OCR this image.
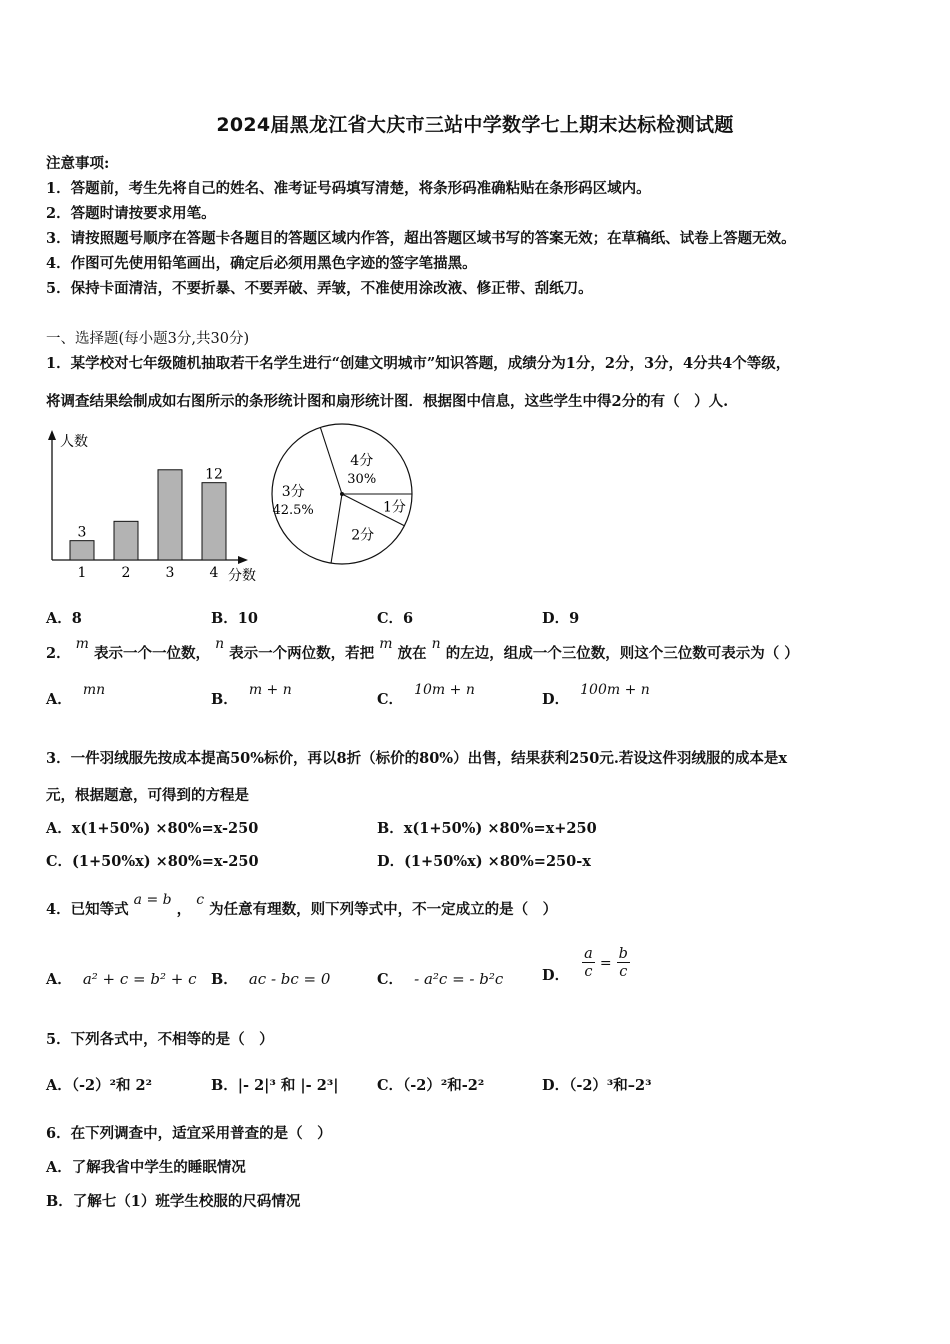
2024届黑龙江省大庆市三站中学数学七上期末达标检测试题
注意事项:
1．答题前，考生先将自己的姓名、准考证号码填写清楚，将条形码准确粘贴在条形码区域内。
2．答题时请按要求用笔。
3．请按照题号顺序在答题卡各题目的答题区域内作答，超出答题区域书写的答案无效；在草稿纸、试卷上答题无效。
4．作图可先使用铅笔画出，确定后必须用黑色字迹的签字笔描黑。
5．保持卡面清洁，不要折暴、不要弄破、弄皱，不准使用涂改液、修正带、刮纸刀。
一、选择题(每小题3分,共30分)
1．某学校对七年级随机抽取若干名学生进行“创建文明城市”知识答题，成绩分为1分，2分，3分，4分共4个等级，
将调查结果绘制成如右图所示的条形统计图和扇形统计图．根据图中信息，这些学生中得2分的有（　）人.
人数
分数
1
3
2	3	4
12
4分
30%
3分
42.5%
2分
1分
A．8	B．10	C．6	D．9
2． m 表示一个一位数， n 表示一个两位数，若把 m 放在 n 的左边，组成一个三位数，则这个三位数可表示为（ ）
A． mn
B． m + n
C． 10m + n
D． 100m + n
3．一件羽绒服先按成本提高50%标价，再以8折（标价的80%）出售，结果获利250元.若设这件羽绒服的成本是x
元，根据题意，可得到的方程是
A．x(1+50%) ×80%=x-250	B．x(1+50%) ×80%=x+250
C．(1+50%x) ×80%=x-250	D．(1+50%x) ×80%=250-x
4．已知等式 a = b ， c 为任意有理数，则下列等式中，不一定成立的是（　）
A． a² + c = b² + c B． ac - bc = 0	C． - a²c = - b²c	D． $\frac{a}{c} = \frac{b}{c}$
5．下列各式中，不相等的是（　）
A．（-2）²和 2²	B．|- 2|³ 和 |- 2³|	C．（-2）²和-2²	D．（-2）³和–2³
6．在下列调查中，适宜采用普查的是（　）
A．了解我省中学生的睡眠情况
B．了解七（1）班学生校服的尺码情况
